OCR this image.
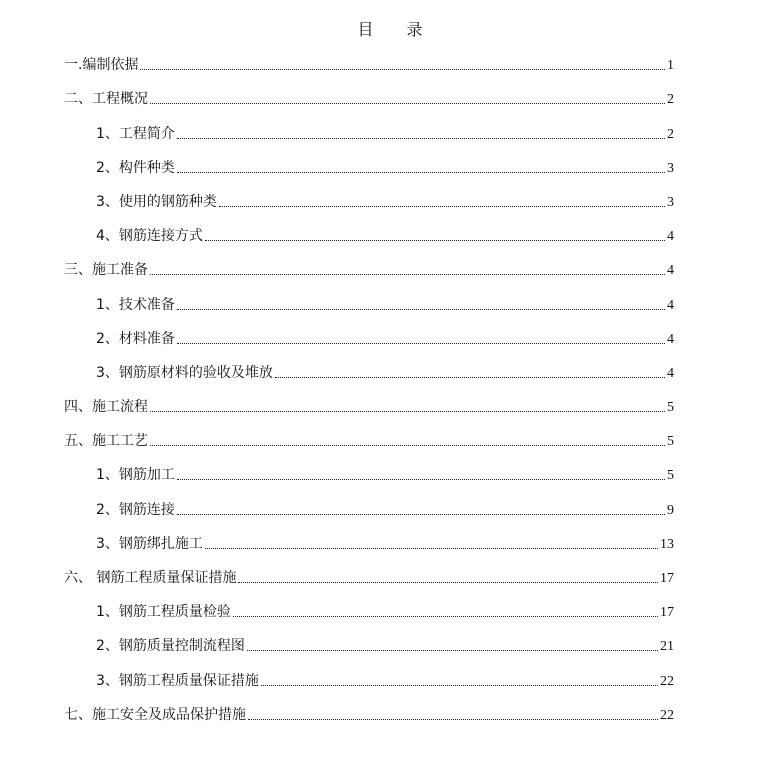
目 录
一.编制依据	1
二、工程概况	2
1、工程简介	2
2、构件种类	3
3、使用的钢筋种类	3
4、钢筋连接方式	4
三、施工准备	4
1、技术准备	4
2、材料准备	4
3、钢筋原材料的验收及堆放	4
四、施工流程	5
五、施工工艺	5
1、钢筋加工	5
2、钢筋连接	9
3、钢筋绑扎施工	13
六、 钢筋工程质量保证措施	17
1、钢筋工程质量检验	17
2、钢筋质量控制流程图	21
3、钢筋工程质量保证措施	22
七、施工安全及成品保护措施	22
